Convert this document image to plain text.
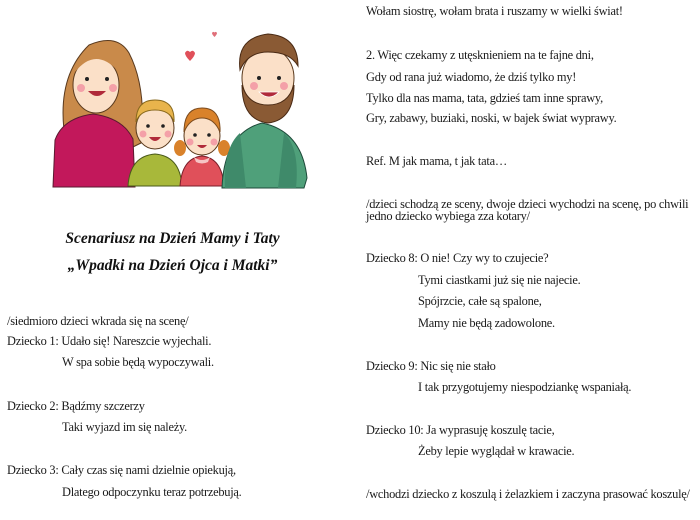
Scenariusz na Dzień Mamy i Taty
„Wpadki na Dzień Ojca i Matki”
/siedmioro dzieci wkrada się na scenę/
Dziecko 1: Udało się! Nareszcie wyjechali.
W spa sobie będą wypoczywali.
Dziecko 2: Bądźmy szczerzy
Taki wyjazd im się należy.
Dziecko 3: Cały czas się nami dzielnie opiekują,
Dlatego odpoczynku teraz potrzebują.
Wołam siostrę, wołam brata i ruszamy w wielki świat!
2. Więc czekamy z utęsknieniem na te fajne dni,
Gdy od rana już wiadomo, że dziś tylko my!
Tylko dla nas mama, tata, gdzieś tam inne sprawy,
Gry, zabawy, buziaki, noski, w bajek świat wyprawy.
Ref. M jak mama, t jak tata…
/dzieci schodzą ze sceny, dwoje dzieci wychodzi na scenę, po chwili
jedno dziecko wybiega zza kotary/
Dziecko 8: O nie! Czy wy to czujecie?
Tymi ciastkami już się nie najecie.
Spójrzcie, całe są spalone,
Mamy nie będą zadowolone.
Dziecko 9: Nic się nie stało
I tak przygotujemy niespodziankę wspaniałą.
Dziecko 10: Ja wyprasuję koszulę tacie,
Żeby lepie wyglądał w krawacie.
/wchodzi dziecko z koszulą i żelazkiem i zaczyna prasować koszulę/
